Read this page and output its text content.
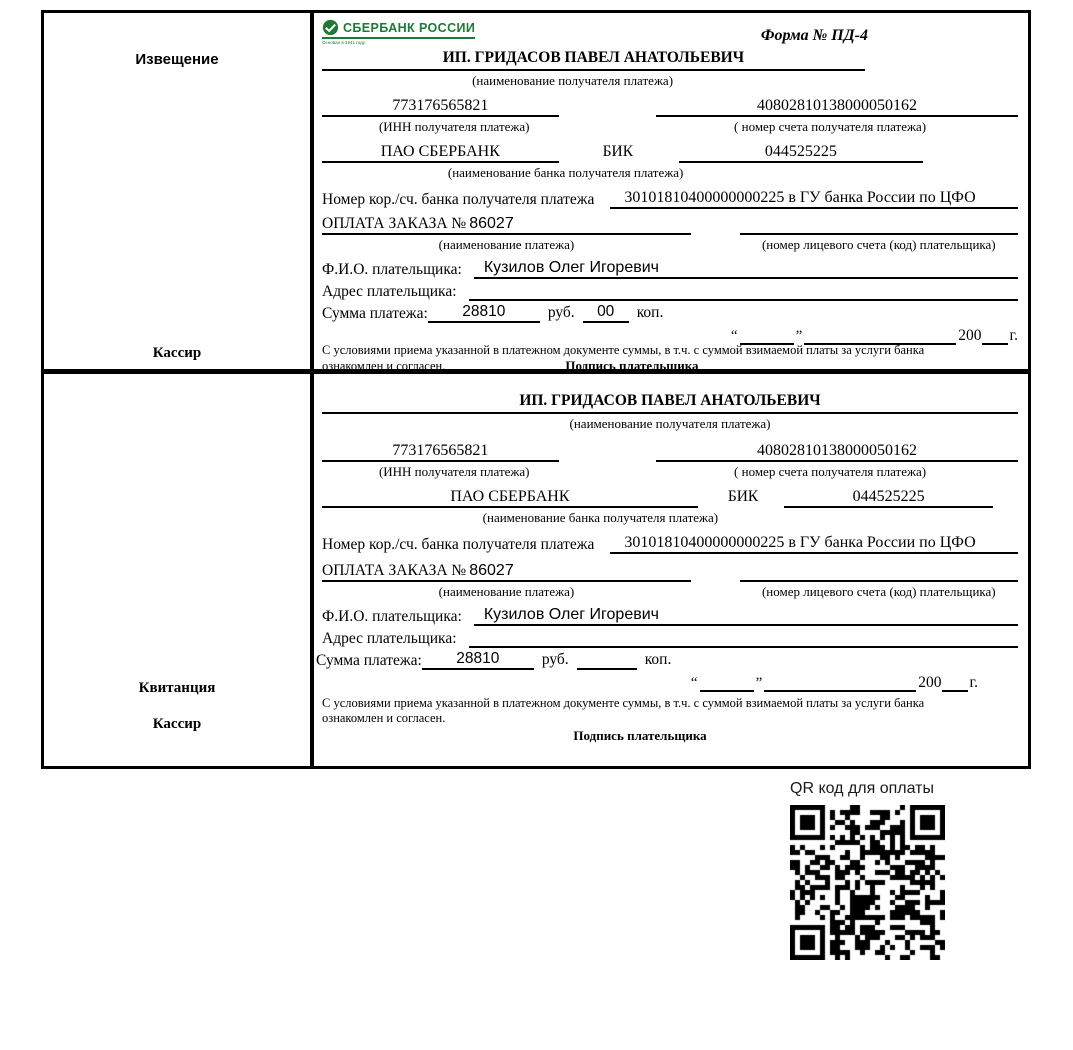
Извещение
Кассир
СБЕРБАНК РОССИИ
Основан в 1841 году	Форма № ПД-4
ИП. ГРИДАСОВ ПАВЕЛ АНАТОЛЬЕВИЧ
(наименование получателя платежа)
773176565821	40802810138000050162
(ИНН получателя платежа)	( номер счета получателя платежа)
ПАО СБЕРБАНК	БИК	044525225
(наименование банка получателя платежа)
Номер кор./сч. банка получателя платежа	30101810400000000225 в ГУ банка России по ЦФО
ОПЛАТА ЗАКАЗА № 86027
(наименование платежа)	(номер лицевого счета (код) плательщика)
Ф.И.О. плательщика:	Кузилов Олег Игоревич
Адрес плательщика:
Сумма платежа:	28810	руб.	00	коп.
“	”	200 г.
С условиями приема указанной в платежном документе суммы, в т.ч. с суммой взимаемой платы за услуги банка
ознакомлен и согласен.	Подпись плательщика
Квитанция
Кассир
ИП. ГРИДАСОВ ПАВЕЛ АНАТОЛЬЕВИЧ
(наименование получателя платежа)
773176565821	40802810138000050162
(ИНН получателя платежа)	( номер счета получателя платежа)
ПАО СБЕРБАНК	БИК	044525225
(наименование банка получателя платежа)
Номер кор./сч. банка получателя платежа	30101810400000000225 в ГУ банка России по ЦФО
ОПЛАТА ЗАКАЗА № 86027
(наименование платежа)	(номер лицевого счета (код) плательщика)
Ф.И.О. плательщика:	Кузилов Олег Игоревич
Адрес плательщика:
Сумма платежа:	28810	руб.	коп.
“	”	200 г.
С условиями приема указанной в платежном документе суммы, в т.ч. с суммой взимаемой платы за услуги банка
ознакомлен и согласен.
Подпись плательщика
QR код для оплаты
